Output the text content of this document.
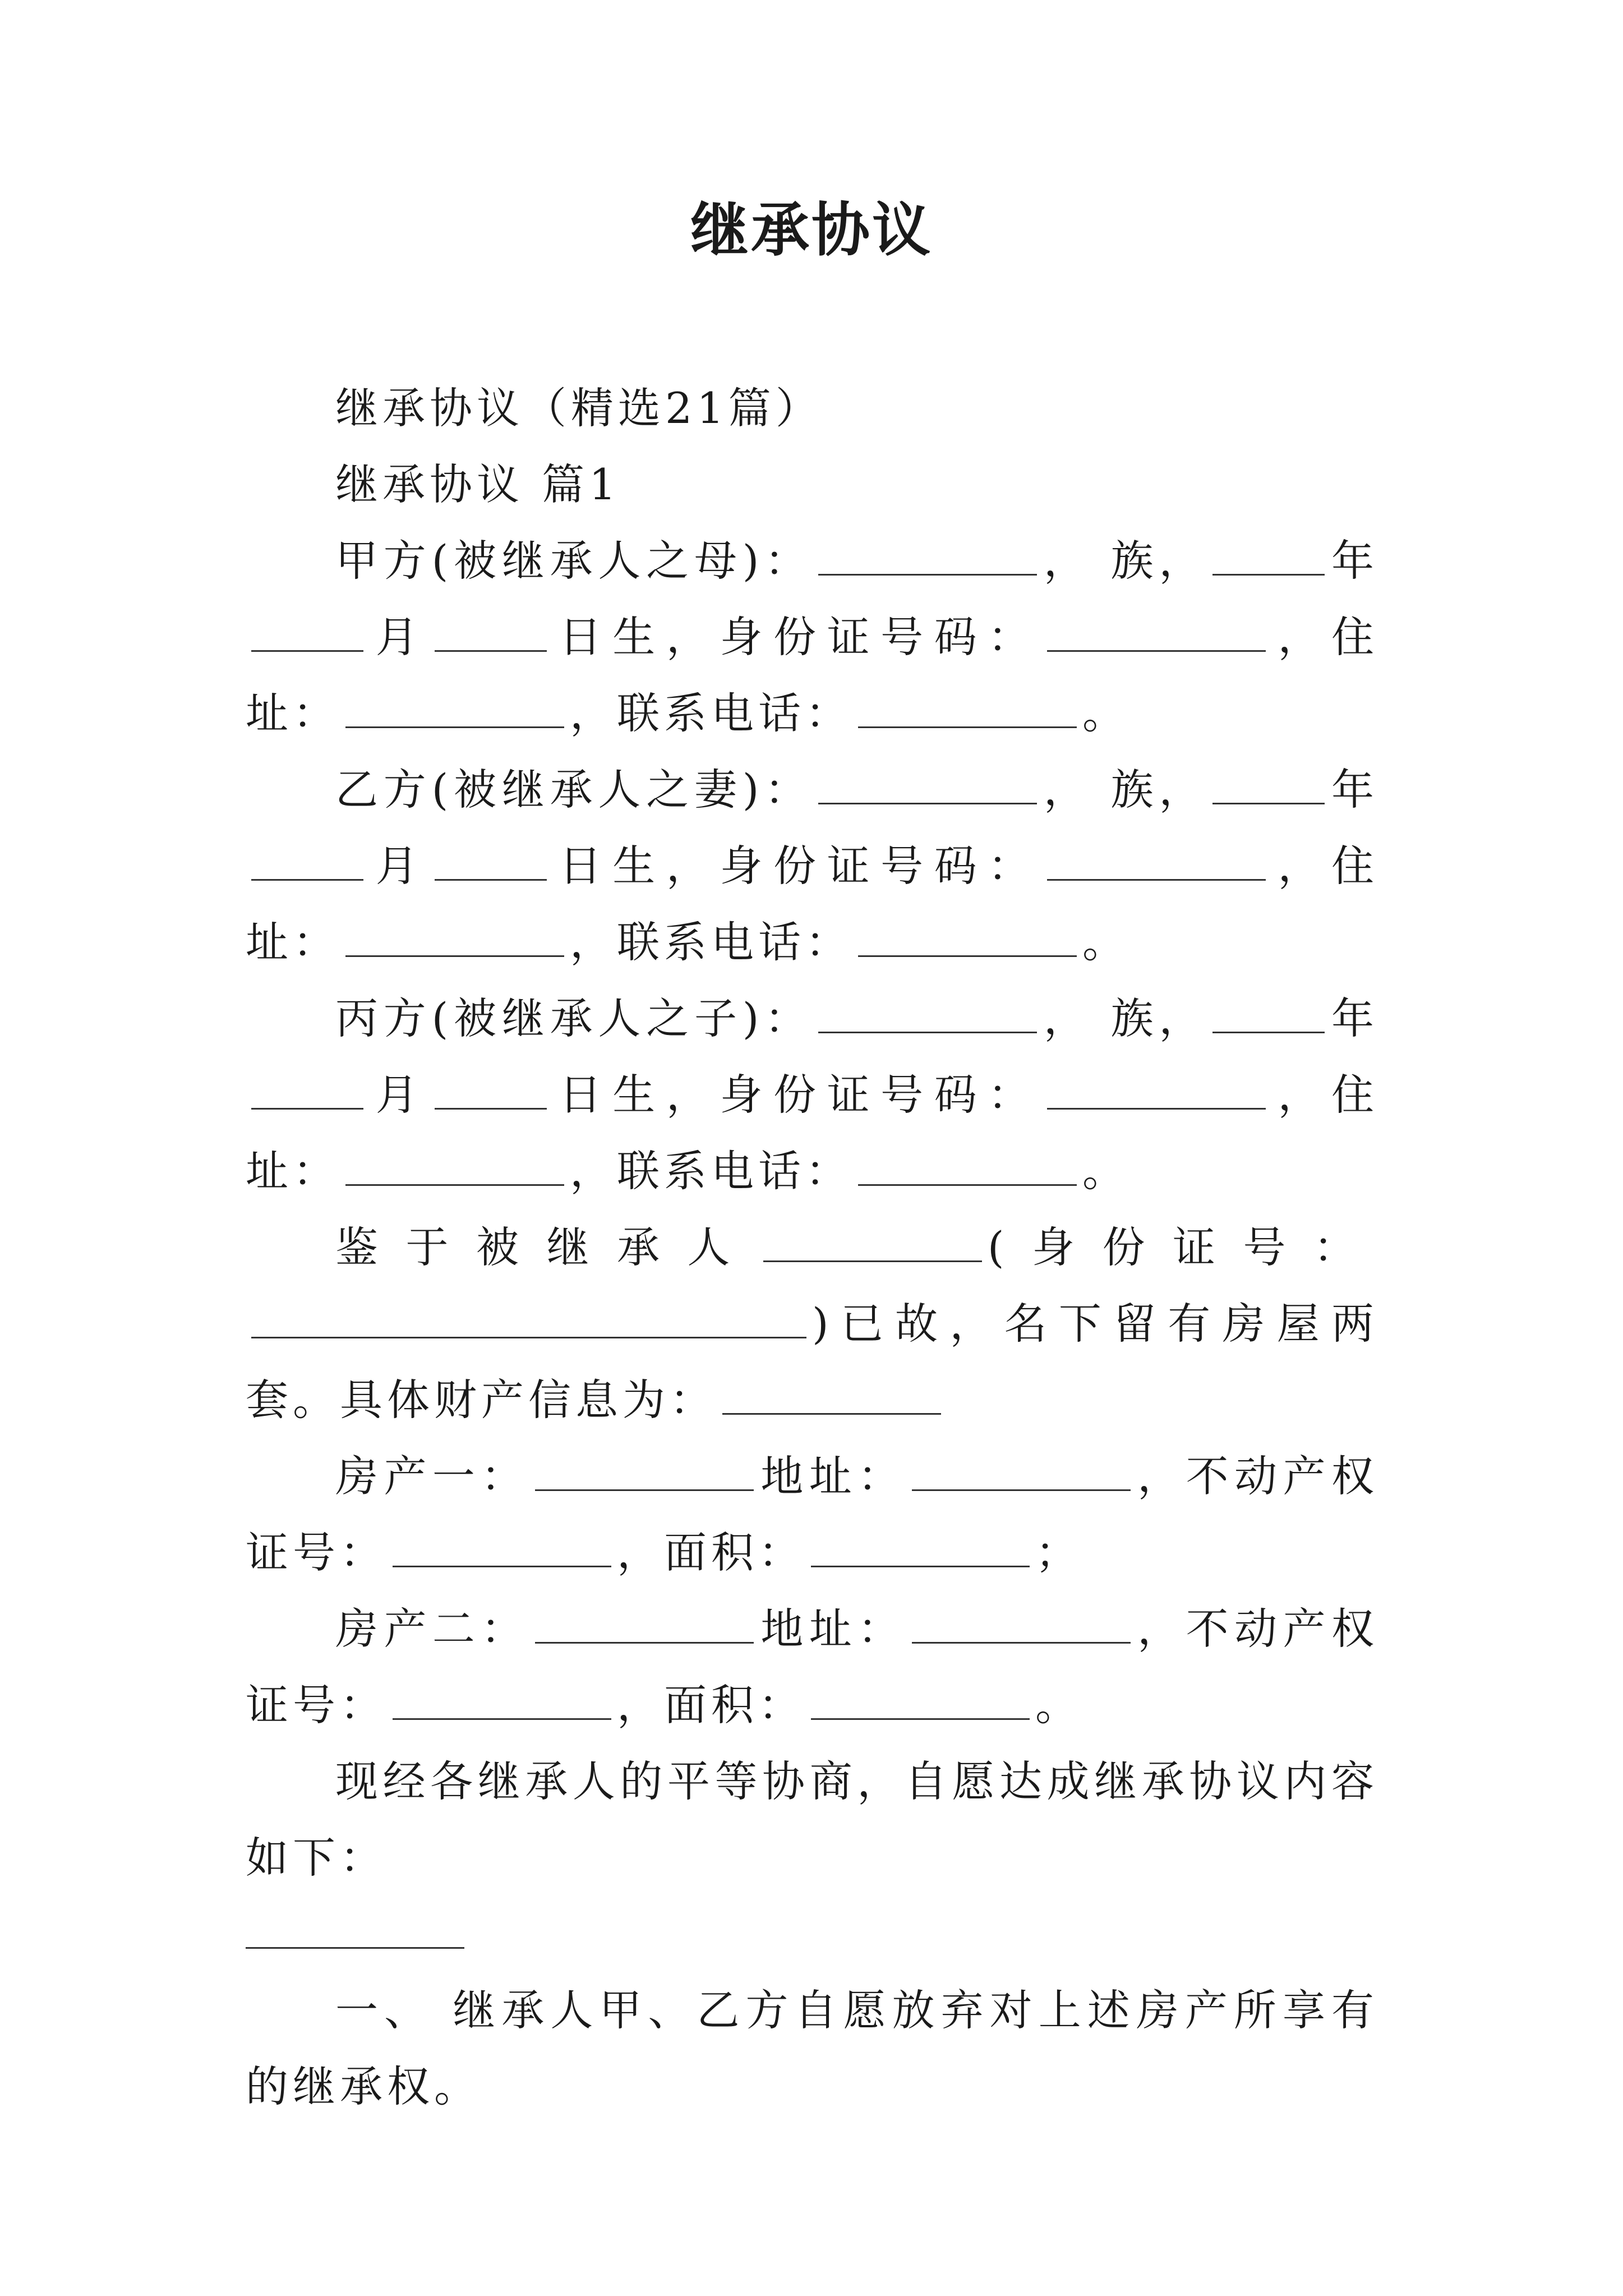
继承协议

继承协议（精选21篇）

继承协议 篇1

甲方(被继承人之母)：	， 族，	年月	日生，身份证号码：	，住址：	，联系电话：	。

乙方(被继承人之妻)：	， 族，	年月	日生，身份证号码：	，住址：	，联系电话：	。

丙方(被继承人之子)：	， 族，	年月	日生，身份证号码：	，住址：	，联系电话：	。

鉴于被继承人	(身份证号：)已故，名下留有房屋两套。具体财产信息为：

房产一：	地址：	，不动产权证号：	，面积：	；

房产二：	地址：	，不动产权证号：	，面积：	。

现经各继承人的平等协商，自愿达成继承协议内容如下：

一、 继承人甲、乙方自愿放弃对上述房产所享有的继承权。
